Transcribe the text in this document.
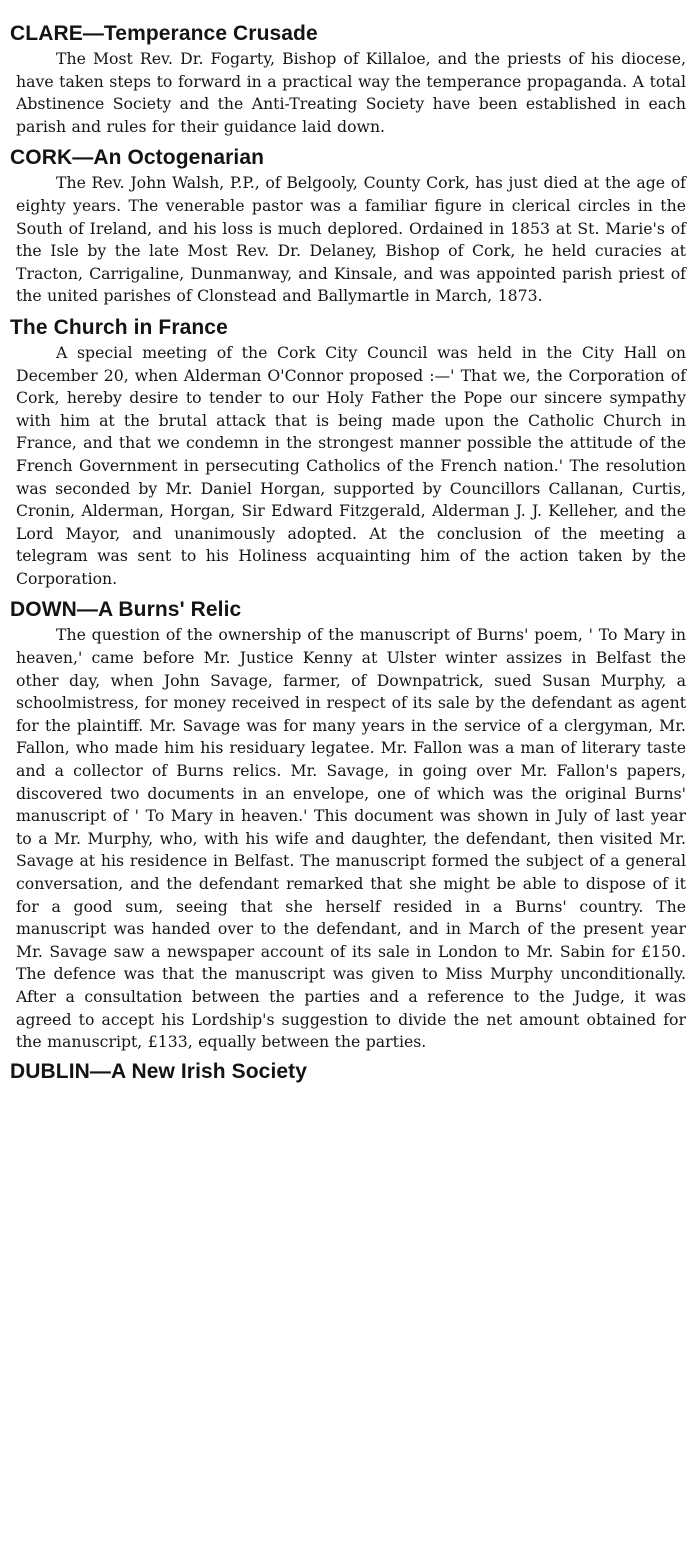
CLARE—Temperance Crusade

The Most Rev. Dr. Fogarty, Bishop of Killaloe, and the priests of his diocese, have taken steps to forward in a practical way the temperance propaganda. A total Abstinence Society and the Anti-Treating Society have been established in each parish and rules for their guidance laid down.

CORK—An Octogenarian

The Rev. John Walsh, P.P., of Belgooly, County Cork, has just died at the age of eighty years. The venerable pastor was a familiar figure in clerical circles in the South of Ireland, and his loss is much deplored. Ordained in 1853 at St. Marie's of the Isle by the late Most Rev. Dr. Delaney, Bishop of Cork, he held curacies at Tracton, Carrigaline, Dunmanway, and Kinsale, and was appointed parish priest of the united parishes of Clonstead and Ballymartle in March, 1873.

The Church in France

A special meeting of the Cork City Council was held in the City Hall on December 20, when Alderman O'Connor proposed :—' That we, the Corporation of Cork, hereby desire to tender to our Holy Father the Pope our sincere sympathy with him at the brutal attack that is being made upon the Catholic Church in France, and that we condemn in the strongest manner possible the attitude of the French Government in persecuting Catholics of the French nation.' The resolution was seconded by Mr. Daniel Horgan, supported by Councillors Callanan, Curtis, Cronin, Alderman, Horgan, Sir Edward Fitzgerald, Alderman J. J. Kelleher, and the Lord Mayor, and unanimously adopted. At the conclusion of the meeting a telegram was sent to his Holiness acquainting him of the action taken by the Corporation.

DOWN—A Burns' Relic

The question of the ownership of the manuscript of Burns' poem, ' To Mary in heaven,' came before Mr. Justice Kenny at Ulster winter assizes in Belfast the other day, when John Savage, farmer, of Downpatrick, sued Susan Murphy, a schoolmistress, for money received in respect of its sale by the defendant as agent for the plaintiff. Mr. Savage was for many years in the service of a clergyman, Mr. Fallon, who made him his residuary legatee. Mr. Fallon was a man of literary taste and a collector of Burns relics. Mr. Savage, in going over Mr. Fallon's papers, discovered two documents in an envelope, one of which was the original Burns' manuscript of ' To Mary in heaven.' This document was shown in July of last year to a Mr. Murphy, who, with his wife and daughter, the defendant, then visited Mr. Savage at his residence in Belfast. The manuscript formed the subject of a general conversation, and the defendant remarked that she might be able to dispose of it for a good sum, seeing that she herself resided in a Burns' country. The manuscript was handed over to the defendant, and in March of the present year Mr. Savage saw a newspaper account of its sale in London to Mr. Sabin for £150. The defence was that the manuscript was given to Miss Murphy unconditionally. After a consultation between the parties and a reference to the Judge, it was agreed to accept his Lordship's suggestion to divide the net amount obtained for the manuscript, £133, equally between the parties.

DUBLIN—A New Irish Society
